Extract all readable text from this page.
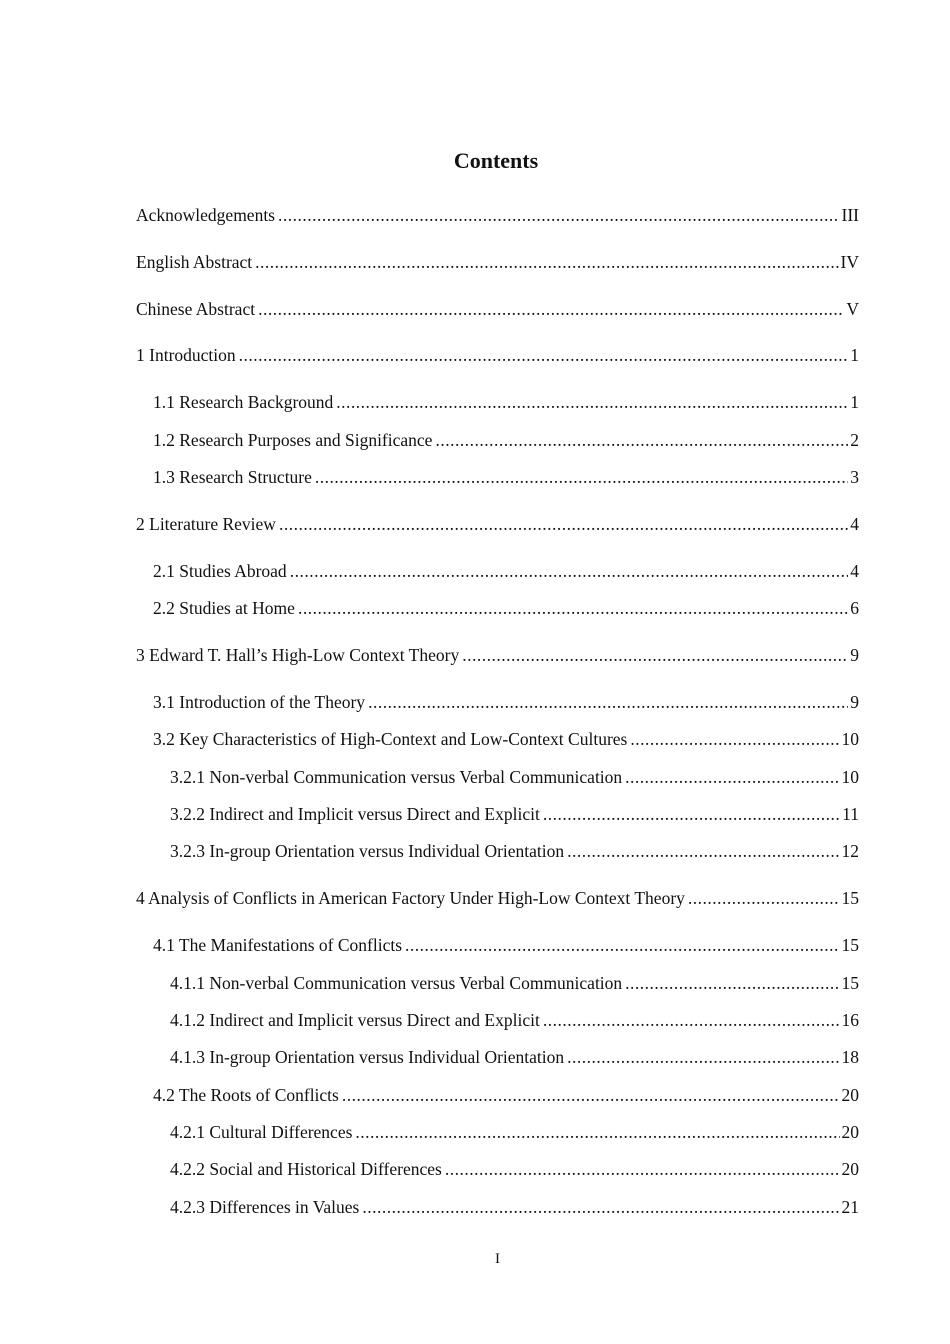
Contents
Acknowledgements .....	III
English Abstract .....	IV
Chinese Abstract .....	V
1 Introduction .....	1
1.1 Research Background .....	1
1.2 Research Purposes and Significance .....	2
1.3 Research Structure .....	3
2 Literature Review .....	4
2.1 Studies Abroad .....	4
2.2 Studies at Home .....	6
3 Edward T. Hall’s High-Low Context Theory .....	9
3.1 Introduction of the Theory .....	9
3.2 Key Characteristics of High-Context and Low-Context Cultures .....	10
3.2.1 Non-verbal Communication versus Verbal Communication .....	10
3.2.2 Indirect and Implicit versus Direct and Explicit .....	11
3.2.3 In-group Orientation versus Individual Orientation .....	12
4 Analysis of Conflicts in American Factory Under High-Low Context Theory .....	15
4.1 The Manifestations of Conflicts .....	15
4.1.1 Non-verbal Communication versus Verbal Communication .....	15
4.1.2 Indirect and Implicit versus Direct and Explicit .....	16
4.1.3 In-group Orientation versus Individual Orientation .....	18
4.2 The Roots of Conflicts .....	20
4.2.1 Cultural Differences .....	20
4.2.2 Social and Historical Differences .....	20
4.2.3 Differences in Values .....	21
I
